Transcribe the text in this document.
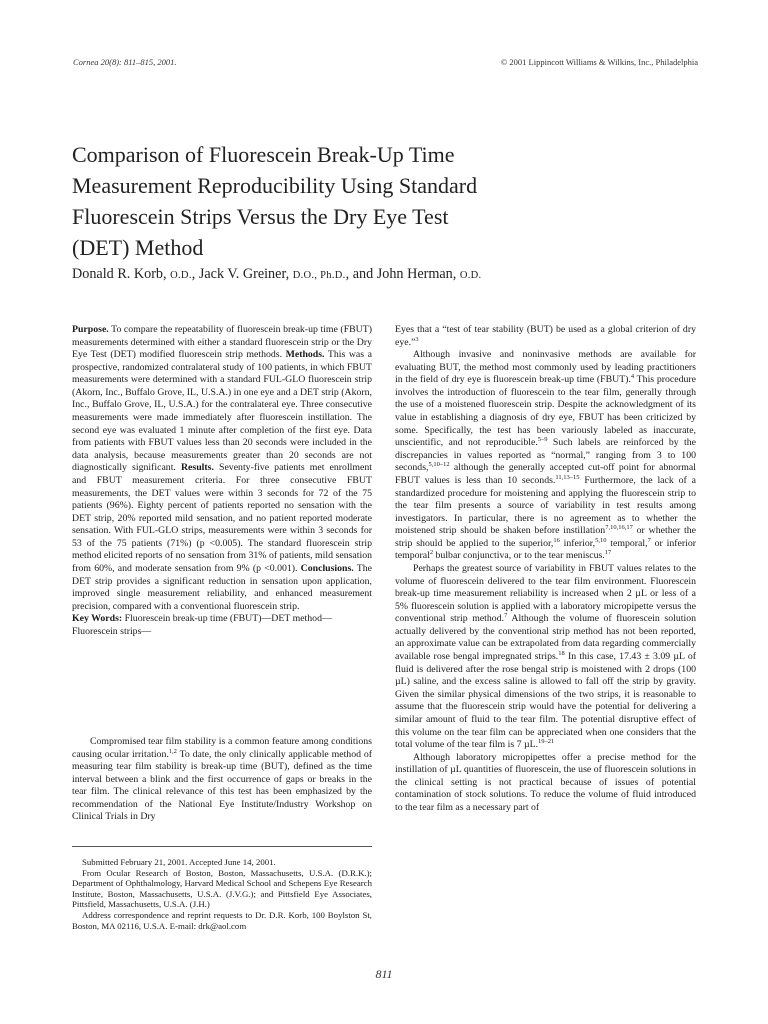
Cornea 20(8): 811–815, 2001.	© 2001 Lippincott Williams & Wilkins, Inc., Philadelphia
Comparison of Fluorescein Break-Up Time
Measurement Reproducibility Using Standard
Fluorescein Strips Versus the Dry Eye Test
(DET) Method
Donald R. Korb, O.D., Jack V. Greiner, D.O., Ph.D., and John Herman, O.D.

Purpose. To compare the repeatability of fluorescein break-up time (FBUT) measurements determined with either a standard fluorescein strip or the Dry Eye Test (DET) modified fluorescein strip methods. Methods. This was a prospective, randomized contralateral study of 100 patients, in which FBUT measurements were determined with a standard FUL-GLO fluorescein strip (Akorn, Inc., Buffalo Grove, IL, U.S.A.) in one eye and a DET strip (Akorn, Inc., Buffalo Grove, IL, U.S.A.) for the contralateral eye. Three consecutive measurements were made immediately after fluorescein instillation. The second eye was evaluated 1 minute after completion of the first eye. Data from patients with FBUT values less than 20 seconds were included in the data analysis, because measurements greater than 20 seconds are not diagnostically significant. Results. Seventy-five patients met enrollment and FBUT measurement criteria. For three consecutive FBUT measurements, the DET values were within 3 seconds for 72 of the 75 patients (96%). Eighty percent of patients reported no sensation with the DET strip, 20% reported mild sensation, and no patient reported moderate sensation. With FUL-GLO strips, measurements were within 3 seconds for 53 of the 75 patients (71%) (p <0.005). The standard fluorescein strip method elicited reports of no sensation from 31% of patients, mild sensation from 60%, and moderate sensation from 9% (p <0.001). Conclusions. The DET strip provides a significant reduction in sensation upon application, improved single measurement reliability, and enhanced measurement precision, compared with a conventional fluorescein strip.

Key Words: Fluorescein break-up time (FBUT)—DET method—Fluorescein strips—

Compromised tear film stability is a common feature among conditions causing ocular irritation.$^{1,2}$ To date, the only clinically applicable method of measuring tear film stability is break-up time (BUT), defined as the time interval between a blink and the first occurrence of gaps or breaks in the tear film. The clinical relevance of this test has been emphasized by the recommendation of the National Eye Institute/Industry Workshop on Clinical Trials in Dry

Submitted February 21, 2001. Accepted June 14, 2001.

From Ocular Research of Boston, Boston, Massachusetts, U.S.A. (D.R.K.); Department of Ophthalmology, Harvard Medical School and Schepens Eye Research Institute, Boston, Massachusetts, U.S.A. (J.V.G.); and Pittsfield Eye Associates, Pittsfield, Massachusetts, U.S.A. (J.H.)

Address correspondence and reprint requests to Dr. D.R. Korb, 100 Boylston St, Boston, MA 02116, U.S.A. E-mail: drk@aol.com

Eyes that a “test of tear stability (BUT) be used as a global criterion of dry eye.”$^3$

Although invasive and noninvasive methods are available for evaluating BUT, the method most commonly used by leading practitioners in the field of dry eye is fluorescein break-up time (FBUT).$^4$ This procedure involves the introduction of fluorescein to the tear film, generally through the use of a moistened fluorescein strip. Despite the acknowledgment of its value in establishing a diagnosis of dry eye, FBUT has been criticized by some. Specifically, the test has been variously labeled as inaccurate, unscientific, and not reproducible.$^{5-9}$ Such labels are reinforced by the discrepancies in values reported as “normal,” ranging from 3 to 100 seconds,$^{5,10-12}$ although the generally accepted cut-off point for abnormal FBUT values is less than 10 seconds.$^{11,13-15}$ Furthermore, the lack of a standardized procedure for moistening and applying the fluorescein strip to the tear film presents a source of variability in test results among investigators. In particular, there is no agreement as to whether the moistened strip should be shaken before instillation$^{7,10,16,17}$ or whether the strip should be applied to the superior,$^{16}$ inferior,$^{5,10}$ temporal,$^7$ or inferior temporal$^2$ bulbar conjunctiva, or to the tear meniscus.$^{17}$

Perhaps the greatest source of variability in FBUT values relates to the volume of fluorescein delivered to the tear film environment. Fluorescein break-up time measurement reliability is increased when 2 µL or less of a 5% fluorescein solution is applied with a laboratory micropipette versus the conventional strip method.$^7$ Although the volume of fluorescein solution actually delivered by the conventional strip method has not been reported, an approximate value can be extrapolated from data regarding commercially available rose bengal impregnated strips.$^{18}$ In this case, 17.43 ± 3.09 µL of fluid is delivered after the rose bengal strip is moistened with 2 drops (100 µL) saline, and the excess saline is allowed to fall off the strip by gravity. Given the similar physical dimensions of the two strips, it is reasonable to assume that the fluorescein strip would have the potential for delivering a similar amount of fluid to the tear film. The potential disruptive effect of this volume on the tear film can be appreciated when one considers that the total volume of the tear film is 7 µL.$^{19-21}$

Although laboratory micropipettes offer a precise method for the instillation of µL quantities of fluorescein, the use of fluorescein solutions in the clinical setting is not practical because of issues of potential contamination of stock solutions. To reduce the volume of fluid introduced to the tear film as a necessary part of

811
